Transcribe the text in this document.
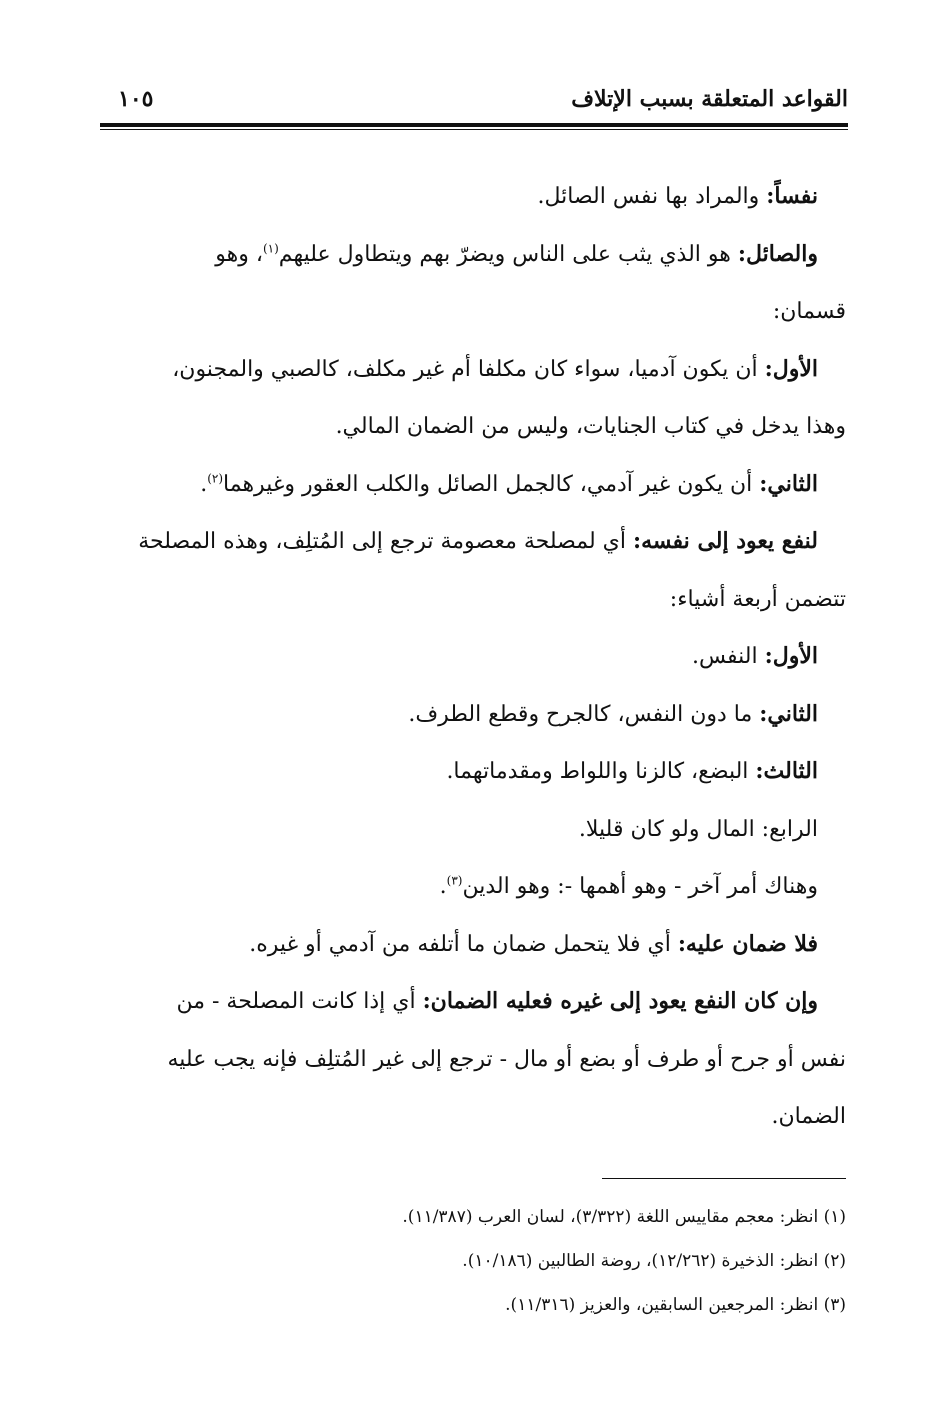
القواعد المتعلقة بسبب الإتلاف
١٠٥

نفساً: والمراد بها نفس الصائل.

والصائل: هو الذي يثب على الناس ويضرّ بهم ويتطاول عليهم$^{(١)}$، وهو

قسمان:

الأول: أن يكون آدميا، سواء كان مكلفا أم غير مكلف، كالصبي والمجنون،

وهذا يدخل في كتاب الجنايات، وليس من الضمان المالي.

الثاني: أن يكون غير آدمي، كالجمل الصائل والكلب العقور وغيرهما$^{(٢)}$.

لنفع يعود إلى نفسه: أي لمصلحة معصومة ترجع إلى المُتلِف، وهذه المصلحة

تتضمن أربعة أشياء:

الأول: النفس.

الثاني: ما دون النفس، كالجرح وقطع الطرف.

الثالث: البضع، كالزنا واللواط ومقدماتهما.

الرابع: المال ولو كان قليلا.

وهناك أمر آخر - وهو أهمها -: وهو الدين$^{(٣)}$.

فلا ضمان عليه: أي فلا يتحمل ضمان ما أتلفه من آدمي أو غيره.

وإن كان النفع يعود إلى غيره فعليه الضمان: أي إذا كانت المصلحة - من

نفس أو جرح أو طرف أو بضع أو مال - ترجع إلى غير المُتلِف فإنه يجب عليه

الضمان.

(١) انظر: معجم مقاييس اللغة (٣/٣٢٢)، لسان العرب (١١/٣٨٧).

(٢) انظر: الذخيرة (١٢/٢٦٢)، روضة الطالبين (١٠/١٨٦).

(٣) انظر: المرجعين السابقين، والعزيز (١١/٣١٦).
